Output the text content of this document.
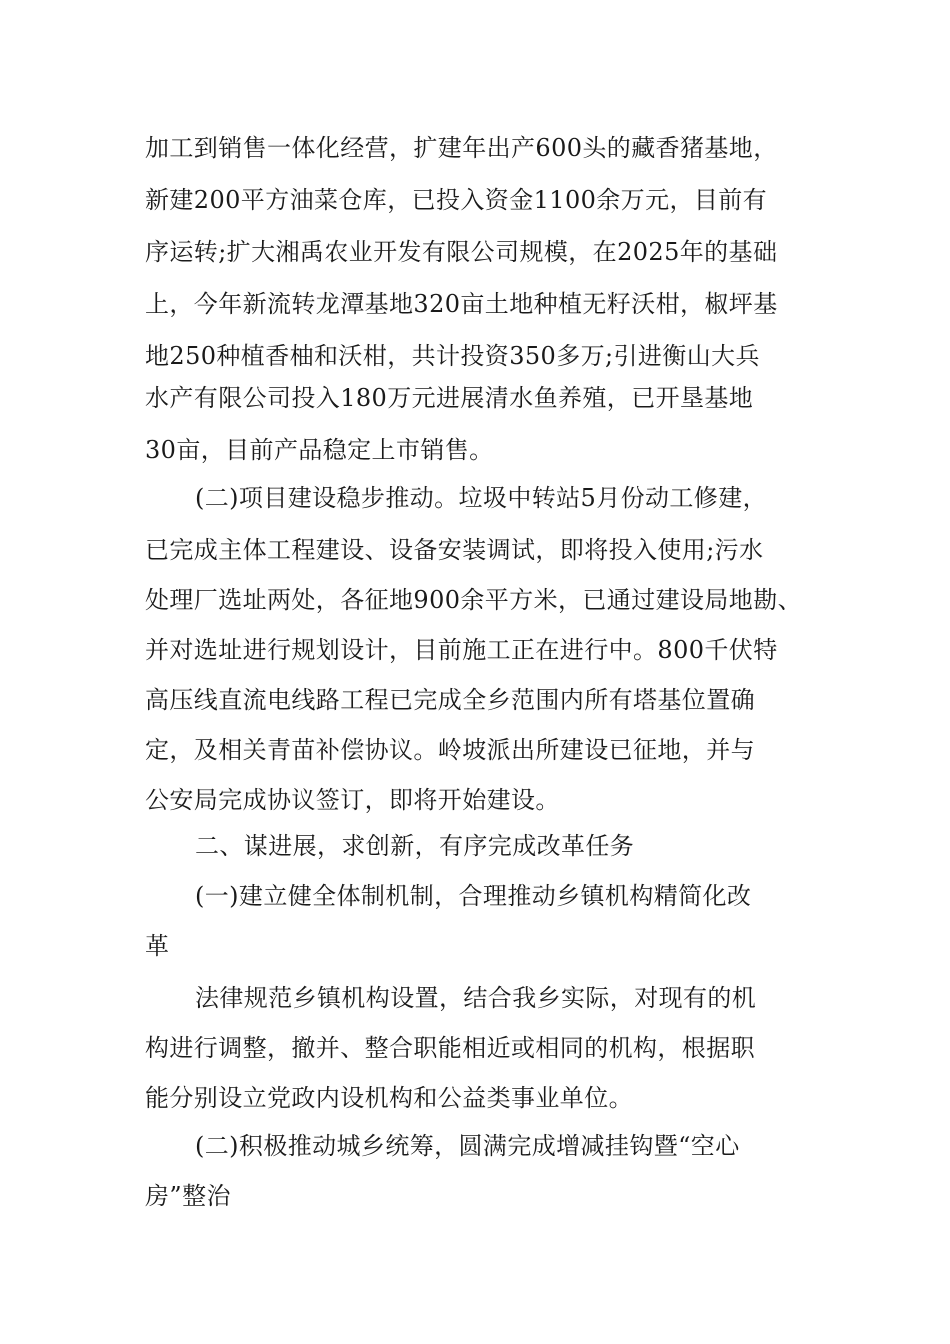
加工到销售一体化经营，扩建年出产600头的藏香猪基地，
新建200平方油菜仓库，已投入资金1100余万元，目前有
序运转;扩大湘禹农业开发有限公司规模，在2025年的基础
上，今年新流转龙潭基地320亩土地种植无籽沃柑，椒坪基
地250种植香柚和沃柑，共计投资350多万;引进衡山大兵
水产有限公司投入180万元进展清水鱼养殖，已开垦基地
30亩，目前产品稳定上市销售。
(二)项目建设稳步推动。垃圾中转站5月份动工修建，
已完成主体工程建设、设备安装调试，即将投入使用;污水
处理厂选址两处，各征地900余平方米，已通过建设局地勘、
并对选址进行规划设计，目前施工正在进行中。800千伏特
高压线直流电线路工程已完成全乡范围内所有塔基位置确
定，及相关青苗补偿协议。岭坡派出所建设已征地，并与
公安局完成协议签订，即将开始建设。
二、谋进展，求创新，有序完成改革任务
(一)建立健全体制机制，合理推动乡镇机构精简化改
革
法律规范乡镇机构设置，结合我乡实际，对现有的机
构进行调整，撤并、整合职能相近或相同的机构，根据职
能分别设立党政内设机构和公益类事业单位。
(二)积极推动城乡统筹，圆满完成增减挂钩暨“空心
房”整治
